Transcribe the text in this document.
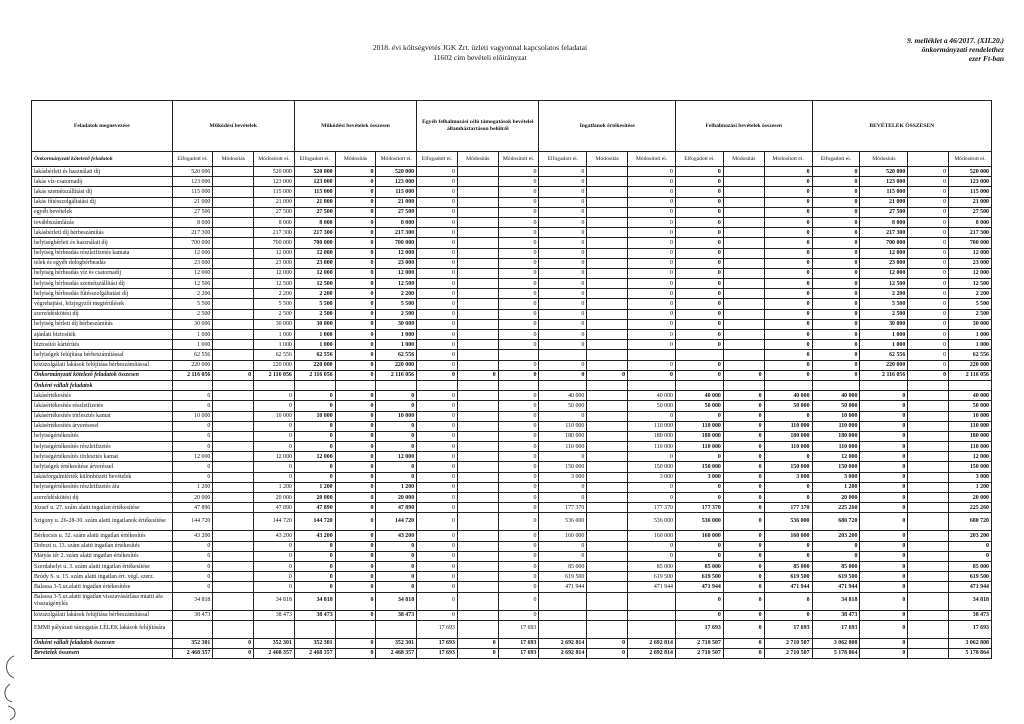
2018. évi költségvetés JGK Zrt. üzleti vagyonnal kapcsolatos feladatai
11602 cím bevételi előirányzat
9. melléklet a 46/2017. (XII.20.)
önkormányzati rendelethez
ezer Ft-ban
Feladatok megnevezése	Működési bevételek			Működési bevételek összesen			Egyéb felhalmozási célú támogatások bevételei államháztartáson belülről			Ingatlanok értékesítése			Felhalmozási bevételek összesen			BEVÉTELEK ÖSSZESEN			
Önkormányzati kötelező feladatok	Elfogadott ei.	Módosítás	Módosított ei.	Elfogadott ei.	Módosítás	Módosított ei.	Elfogadott ei.	Módosítás	Módosított ei.	Elfogadott ei.	Módosítás	Módosított ei.	Elfogadott ei.	Módosítás	Módosított ei.	Elfogadott ei.	Módosítás		Módosított ei.
lakásbérleti és használati díj	520 000		520 000	520 000	0	520 000	0		0	0		0	0		0	0	520 000	0	520 000
lakás víz-csatornadíj	123 000		123 000	123 000	0	123 000	0		0	0		0	0		0	0	123 000	0	123 000
lakás szemétszállítási díj	115 000		115 000	115 000	0	115 000	0		0	0		0	0		0	0	115 000	0	115 000
lakás fűtésszolgáltatási díj	21 000		21 000	21 000	0	21 000	0		0	0		0	0		0	0	21 000	0	21 000
egyéb bevételek	27 500		27 500	27 500	0	27 500	0		0	0		0	0		0	0	27 500	0	27 500
továbbszámlázás	8 000		8 000	8 000	0	8 000	0		0	0		0	0		0	0	8 000	0	8 000
lakásbérleti díj bérbeszámítás	217 300		217 300	217 300	0	217 300	0		0	0		0	0		0	0	217 300	0	217 300
helyiségbérleti és használati díj	700 000		700 000	700 000	0	700 000	0		0	0		0	0		0	0	700 000	0	700 000
helyiség bérbeadás részletfizetés kamata	12 000		12 000	12 000	0	12 000	0		0	0		0	0		0	0	12 000	0	12 000
telek és egyéb dologbérbeadás	23 000		23 000	23 000	0	23 000	0		0	0		0	0		0	0	23 000	0	23 000
helyiség bérbeadás víz és csatornadíj	12 000		12 000	12 000	0	12 000	0		0	0		0	0		0	0	12 000	0	12 000
helyiség bérbeadás szemétszállítási díj	12 500		12 500	12 500	0	12 500	0		0	0		0	0		0	0	12 500	0	12 500
helyiség bérbeadás fűtésszolgáltatási díj	2 200		2 200	2 200	0	2 200	0		0	0		0	0		0	0	2 200	0	2 200
végrehajtási, közjegyzői megtérülések	5 500		5 500	5 500	0	5 500	0		0	0		0	0		0	0	5 500	0	5 500
szerződéskötési díj	2 500		2 500	2 500	0	2 500	0		0	0		0	0		0	0	2 500	0	2 500
helyiség bérleti díj bérbeszámítás	30 000		30 000	30 000	0	30 000	0		0	0		0	0		0	0	30 000	0	30 000
ajánlati biztosíték	1 000		1 000	1 000	0	1 000	0		0	0		0	0		0	0	1 000	0	1 000
biztosítói kártérítés	1 000		1 000	1 000	0	1 000	0		0	0		0	0		0	0	1 000	0	1 000
helyiségek felújítása bérbeszámítással	62 556		62 556	62 556	0	62 556	0								0	0	62 556	0	62 556
közszolgálati lakások felújítása bérbeszámítással	220 000		220 000	220 000	0	220 000	0		0	0		0	0		0	0	220 000	0	220 000
Önkormányzati kötelező feladatok összesen	2 116 056	0	2 116 056	2 116 056	0	2 116 056	0	0	0	0	0	0	0	0	0	0	2 116 056	0	2 116 056
Önként vállalt feladatok																			
lakásértékesítés	0		0	0	0	0	0		0	40 000		40 000	40 000	0	40 000	40 000	0		40 000
lakásértékesítés részletfizetés	0		0	0	0	0	0		0	50 000		50 000	50 000	0	50 000	50 000	0		50 000
lakásértékesítés törlesztés kamat	10 000		10 000	10 000	0	10 000	0		0	0		0	0	0	0	10 000	0		10 000
lakásértékesítés árverésesel	0		0	0	0	0	0		0	110 000		110 000	110 000	0	110 000	110 000	0		110 000
helyiségértékesítés	0		0	0	0	0	0		0	180 000		180 000	180 000	0	180 000	180 000	0		180 000
helyiségértékesítés részletfizetés	0		0	0	0	0	0		0	110 000		110 000	110 000	0	110 000	110 000	0		110 000
helyiségértékesítés törlesztés kamat	12 000		12 000	12 000	0	12 000	0		0	0		0	0	0	0	12 000	0		12 000
helyiségek értékesítése árveréssel	0		0	0	0	0	0		0	150 000		150 000	150 000	0	150 000	150 000	0		150 000
lakásforgalmiérték különbözeti bevételek	0		0	0	0	0	0		0	3 000		3 000	3 000	0	3 000	3 000	0		3 000
helyiségértékesítés részletfizetés áfa	1 200		1 200	1 200	0	1 200	0		0	0		0	0	0	0	1 200	0		1 200
szerződéskötési díj	20 000		20 000	20 000	0	20 000	0		0	0		0	0	0	0	20 000	0		20 000
József u. 27. szám alatti ingatlan értékesítése	47 890		47 890	47 890	0	47 890	0		0	177 370		177 370	177 370	0	177 370	225 260	0		225 260
Szigony u. 26-28-30. szám alatti ingatlanok értékesítése	144 720		144 720	144 720	0	144 720	0		0	536 000		536 000	536 000	0	536 000	680 720	0		680 720
Bérkocsis u. 32. szám alatti ingatlan értékesítés	43 200		43 200	43 200	0	43 200	0		0	160 000		160 000	160 000	0	160 000	203 200	0		203 200
Dobozi u. 13. szám alatti ingatlan értékesítés	0		0	0	0	0	0		0	0		0	0	0	0	0	0		0
Mátyás tér 2. szám alatti ingatlan értékesítés	0		0	0	0	0	0		0	0		0	0	0	0	0	0		0
Szerdahelyi u. 3. szám alatti ingatlan értékesítése	0		0	0	0	0	0		0	85 000		85 000	85 000	0	85 000	85 000	0		85 000
Bródy S. u. 15. szám alatti ingatlan ért. végl. szerz.	0		0	0	0	0	0		0	619 500		619 500	619 500	0	619 500	619 500	0		619 500
Balassa 3-5.sz.alatti ingatlan értékesítése	0		0	0	0	0	0		0	471 944		471 944	471 944	0	471 944	471 944	0		471 944
Balassa 3-5.sz.alatti ingatlan visszavásárlása miatti áfa visszaigénylés	34 818		34 818	34 818	0	34 818	0		0				0	0	0	34 818	0		34 818
közszolgálati lakások felújítása bérbeszámítással	38 473		38 473	38 473	0	38 473	0		0				0	0	0	38 473	0		38 473
EMMI pályázati támogatás LÉLEK lakások felújítására							17 693		17 693				17 693	0	17 693	17 693	0		17 693
Önként vállalt feladatok összesen	352 301	0	352 301	352 301	0	352 301	17 693	0	17 693	2 692 814	0	2 692 814	2 710 507	0	2 710 507	3 062 808	0		3 062 808
Bevételek összesen	2 468 357	0	2 468 357	2 468 357	0	2 468 357	17 693	0	17 693	2 692 814	0	2 692 814	2 710 507	0	2 710 507	5 178 864	0		5 178 864
